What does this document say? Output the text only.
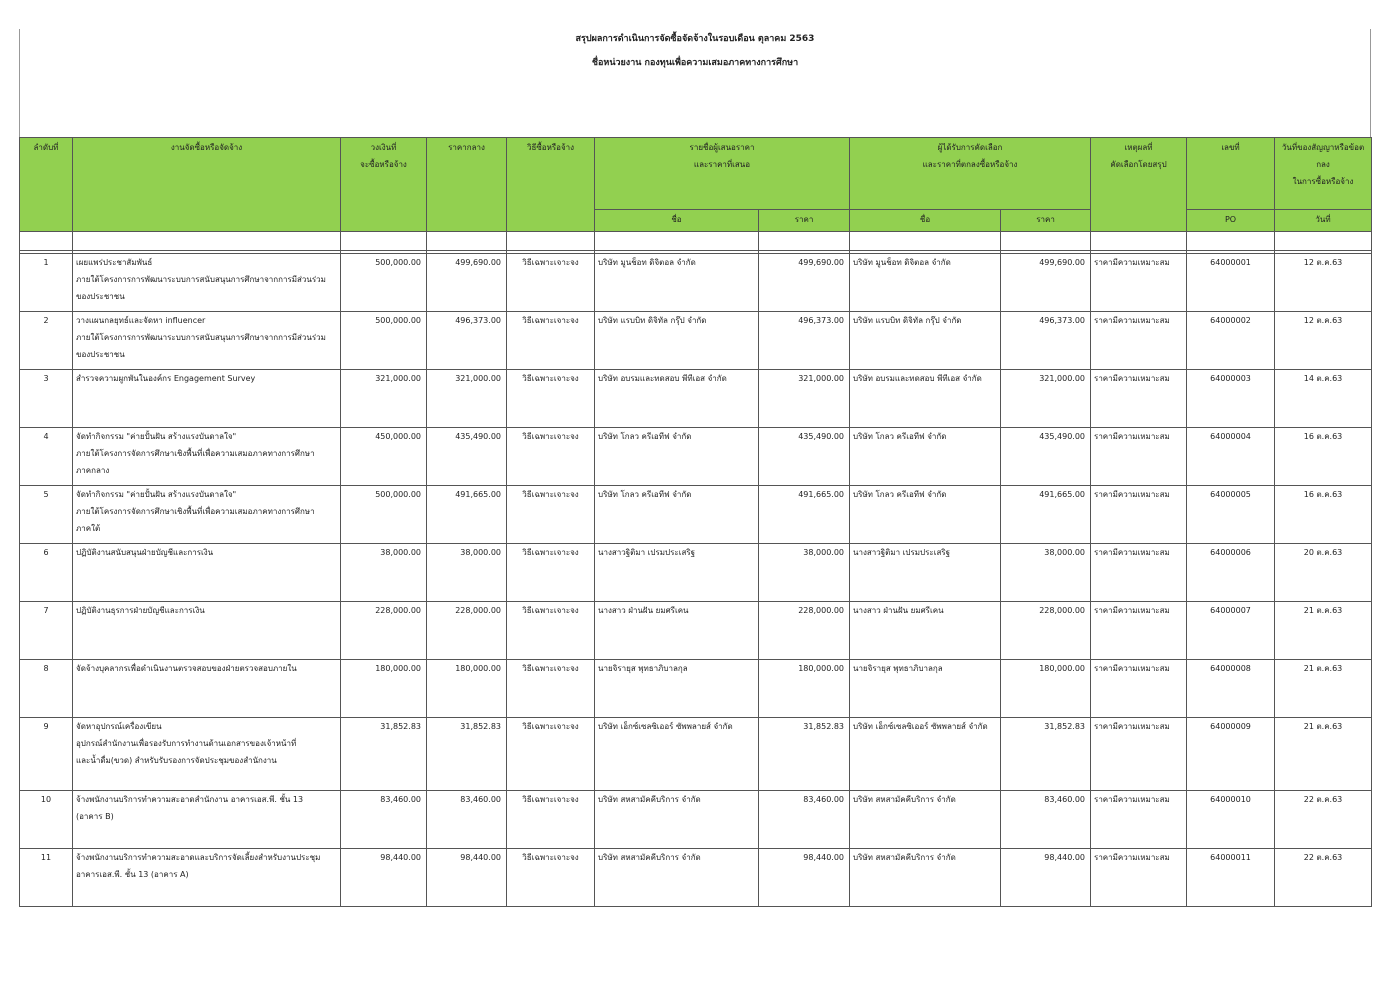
สรุปผลการดำเนินการจัดซื้อจัดจ้างในรอบเดือน ตุลาคม 2563
ชื่อหน่วยงาน กองทุนเพื่อความเสมอภาคทางการศึกษา
ลำดับที่	งานจัดซื้อหรือจัดจ้าง	วงเงินที่
จะซื้อหรือจ้าง	ราคากลาง	วิธีซื้อหรือจ้าง	รายชื่อผู้เสนอราคา
และราคาที่เสนอ		ผู้ได้รับการคัดเลือก
และราคาที่ตกลงซื้อหรือจ้าง		เหตุผลที่
คัดเลือกโดยสรุป	เลขที่	วันที่ของสัญญาหรือข้อต
กลง
ในการซื้อหรือจ้าง

					ชื่อ	ราคา	ชื่อ	ราคา		PO	วันที่

1	เผยแพร่ประชาสัมพันธ์
ภายใต้โครงการการพัฒนาระบบการสนับสนุนการศึกษาจากการมีส่วนร่วม
ของประชาชน	500,000.00	499,690.00	วิธีเฉพาะเจาะจง	บริษัท มูนช็อท ดิจิตอล จำกัด	499,690.00	บริษัท มูนช็อท ดิจิตอล จำกัด	499,690.00	ราคามีความเหมาะสม	64000001	12 ต.ค.63
2	วางแผนกลยุทธ์และจัดหา influencer
ภายใต้โครงการการพัฒนาระบบการสนับสนุนการศึกษาจากการมีส่วนร่วม
ของประชาชน	500,000.00	496,373.00	วิธีเฉพาะเจาะจง	บริษัท แรบบิท ดิจิทัล กรุ๊ป จำกัด	496,373.00	บริษัท แรบบิท ดิจิทัล กรุ๊ป จำกัด	496,373.00	ราคามีความเหมาะสม	64000002	12 ต.ค.63
3	สำรวจความผูกพันในองค์กร Engagement Survey	321,000.00	321,000.00	วิธีเฉพาะเจาะจง	บริษัท อบรมและทดสอบ พีทีเอส จำกัด	321,000.00	บริษัท อบรมและทดสอบ พีทีเอส จำกัด	321,000.00	ราคามีความเหมาะสม	64000003	14 ต.ค.63
4	จัดทำกิจกรรม "ค่ายปั้นฝัน สร้างแรงบันดาลใจ"
ภายใต้โครงการจัดการศึกษาเชิงพื้นที่เพื่อความเสมอภาคทางการศึกษา
ภาคกลาง	450,000.00	435,490.00	วิธีเฉพาะเจาะจง	บริษัท โกลว ครีเอทีฟ จำกัด	435,490.00	บริษัท โกลว ครีเอทีฟ จำกัด	435,490.00	ราคามีความเหมาะสม	64000004	16 ต.ค.63
5	จัดทำกิจกรรม "ค่ายปั้นฝัน สร้างแรงบันดาลใจ"
ภายใต้โครงการจัดการศึกษาเชิงพื้นที่เพื่อความเสมอภาคทางการศึกษา
ภาคใต้	500,000.00	491,665.00	วิธีเฉพาะเจาะจง	บริษัท โกลว ครีเอทีฟ จำกัด	491,665.00	บริษัท โกลว ครีเอทีฟ จำกัด	491,665.00	ราคามีความเหมาะสม	64000005	16 ต.ค.63
6	ปฏิบัติงานสนับสนุนฝ่ายบัญชีและการเงิน	38,000.00	38,000.00	วิธีเฉพาะเจาะจง	นางสาวฐิติมา เปรมประเสริฐ	38,000.00	นางสาวฐิติมา เปรมประเสริฐ	38,000.00	ราคามีความเหมาะสม	64000006	20 ต.ค.63
7	ปฏิบัติงานธุรการฝ่ายบัญชีและการเงิน	228,000.00	228,000.00	วิธีเฉพาะเจาะจง	นางสาว ฝ่านฝัน ยมศรีเคน	228,000.00	นางสาว ฝ่านฝัน ยมศรีเคน	228,000.00	ราคามีความเหมาะสม	64000007	21 ต.ค.63
8	จัดจ้างบุคลากรเพื่อดำเนินงานตรวจสอบของฝ่ายตรวจสอบภายใน	180,000.00	180,000.00	วิธีเฉพาะเจาะจง	นายจิรายุส พุทธาภิบาลกุล	180,000.00	นายจิรายุส พุทธาภิบาลกุล	180,000.00	ราคามีความเหมาะสม	64000008	21 ต.ค.63
9	จัดหาอุปกรณ์เครื่องเขียน
อุปกรณ์สำนักงานเพื่อรองรับการทำงานด้านเอกสารของเจ้าหน้าที่
และน้ำดื่ม(ขวด) สำหรับรับรองการจัดประชุมของสำนักงาน	31,852.83	31,852.83	วิธีเฉพาะเจาะจง	บริษัท เอ็กซ์เซลซิเออร์ ซัพพลายส์ จำกัด	31,852.83	บริษัท เอ็กซ์เซลซิเออร์ ซัพพลายส์ จำกัด	31,852.83	ราคามีความเหมาะสม	64000009	21 ต.ค.63
10	จ้างพนักงานบริการทำความสะอาดสำนักงาน อาคารเอส.พี. ชั้น 13
(อาคาร B)	83,460.00	83,460.00	วิธีเฉพาะเจาะจง	บริษัท สหสามัคคีบริการ จำกัด	83,460.00	บริษัท สหสามัคคีบริการ จำกัด	83,460.00	ราคามีความเหมาะสม	64000010	22 ต.ค.63
11	จ้างพนักงานบริการทำความสะอาดและบริการจัดเลี้ยงสำหรับงานประชุม
อาคารเอส.พี. ชั้น 13 (อาคาร A)	98,440.00	98,440.00	วิธีเฉพาะเจาะจง	บริษัท สหสามัคคีบริการ จำกัด	98,440.00	บริษัท สหสามัคคีบริการ จำกัด	98,440.00	ราคามีความเหมาะสม	64000011	22 ต.ค.63
